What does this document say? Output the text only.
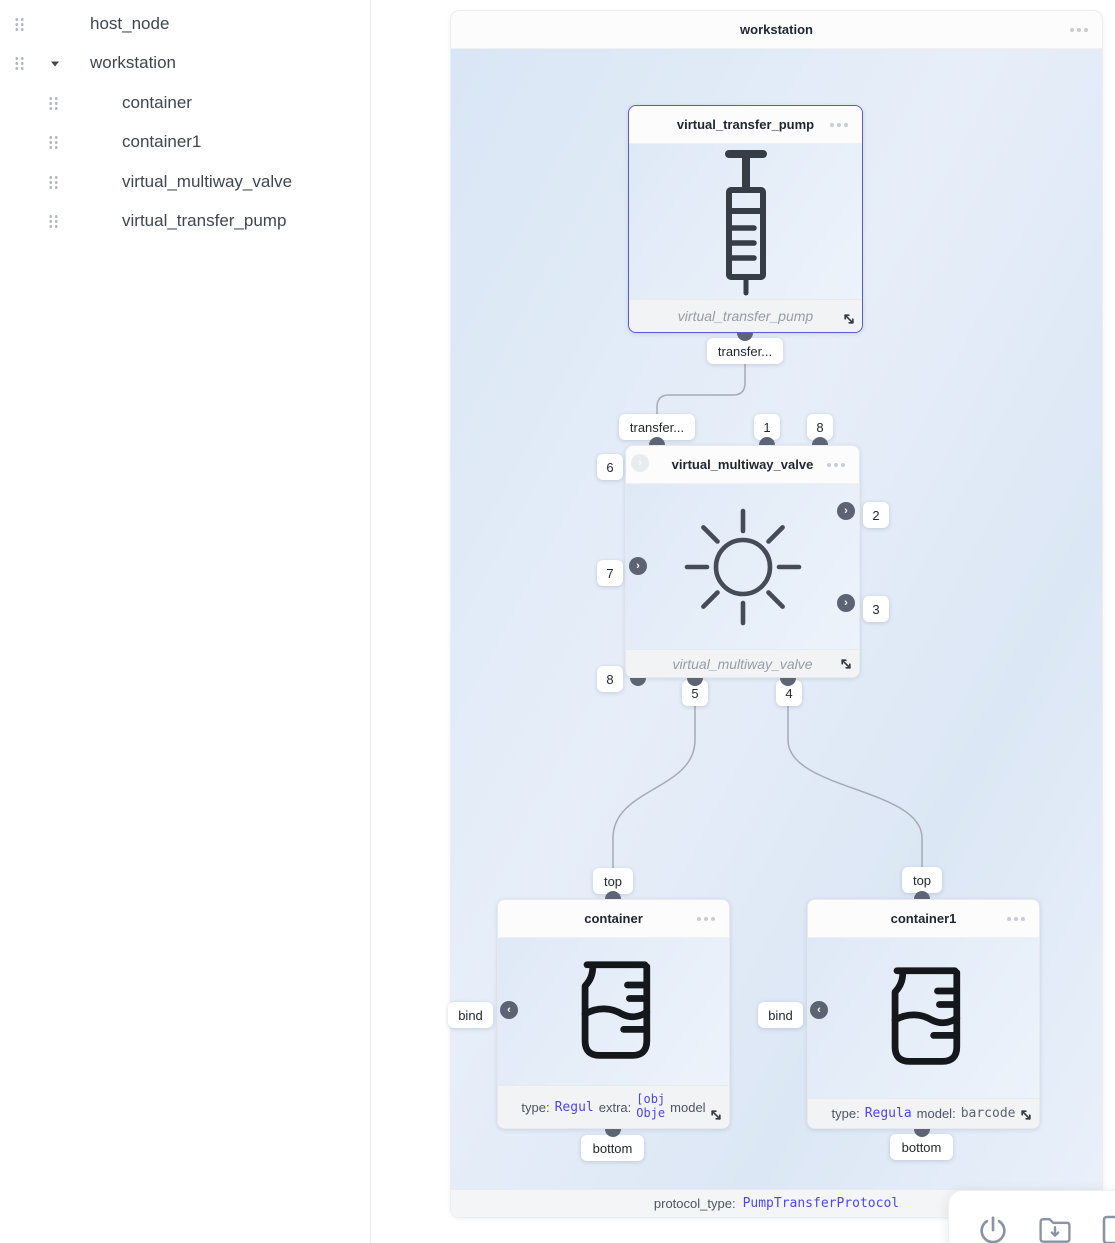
host_node
workstation
container
container1
virtual_multiway_valve
virtual_transfer_pump
workstation
protocol_type: PumpTransferProtocol
virtual_transfer_pump
virtual_transfer_pump
transfer...
virtual_multiway_valve
virtual_multiway_valve
transfer...	1	8
›
›
6
7
8
›
›
2
3
5	4
container
type: Regul extra:
[obj
Obje model
‹
top
bind
bottom
container1
type: Regula model: barcode
‹
top
bind
bottom
